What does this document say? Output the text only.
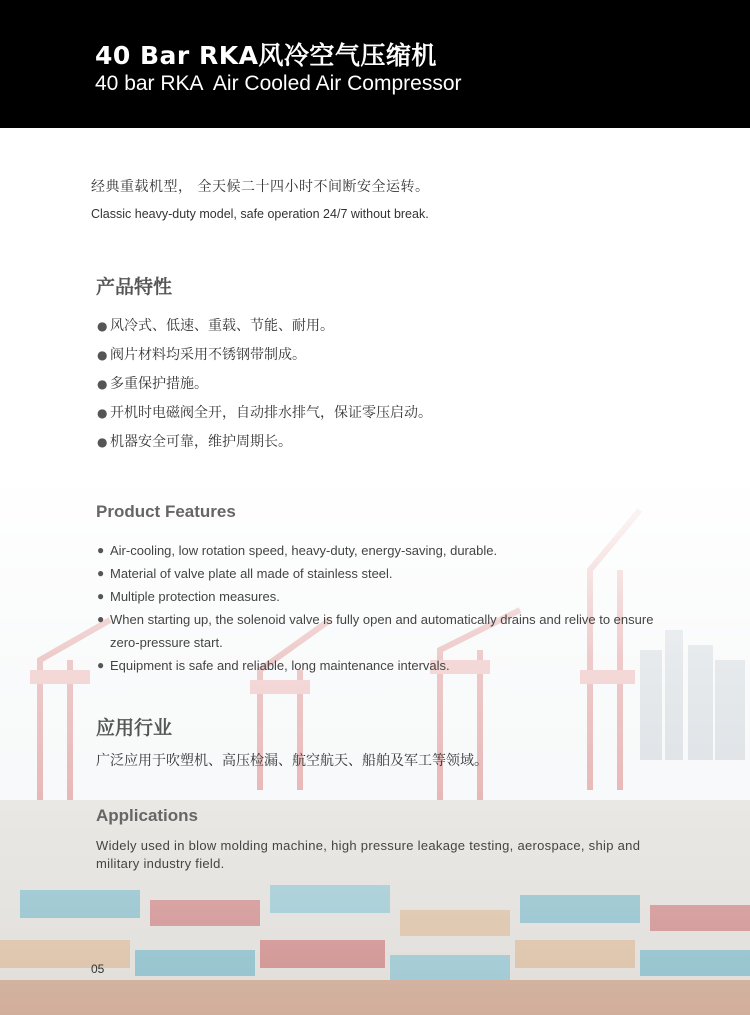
40 Bar RKA风冷空气压缩机
40 bar RKA  Air Cooled Air Compressor
经典重载机型， 全天候二十四小时不间断安全运转。
Classic heavy-duty model, safe operation 24/7 without break.
产品特性
● 风冷式、低速、重载、节能、耐用。
● 阀片材料均采用不锈钢带制成。
● 多重保护措施。
● 开机时电磁阀全开，自动排水排气，保证零压启动。
● 机器安全可靠，维护周期长。
Product Features
● Air-cooling, low rotation speed, heavy-duty, energy-saving, durable.
● Material of valve plate all made of stainless steel.
● Multiple protection measures.
● When starting up, the solenoid valve is fully open and automatically drains and relive to ensure zero-pressure start.
● Equipment is safe and reliable, long maintenance intervals.
应用行业
广泛应用于吹塑机、高压检漏、航空航天、船舶及军工等领域。
Applications
Widely used in blow molding machine, high pressure leakage testing, aerospace, ship and military industry field.
05
